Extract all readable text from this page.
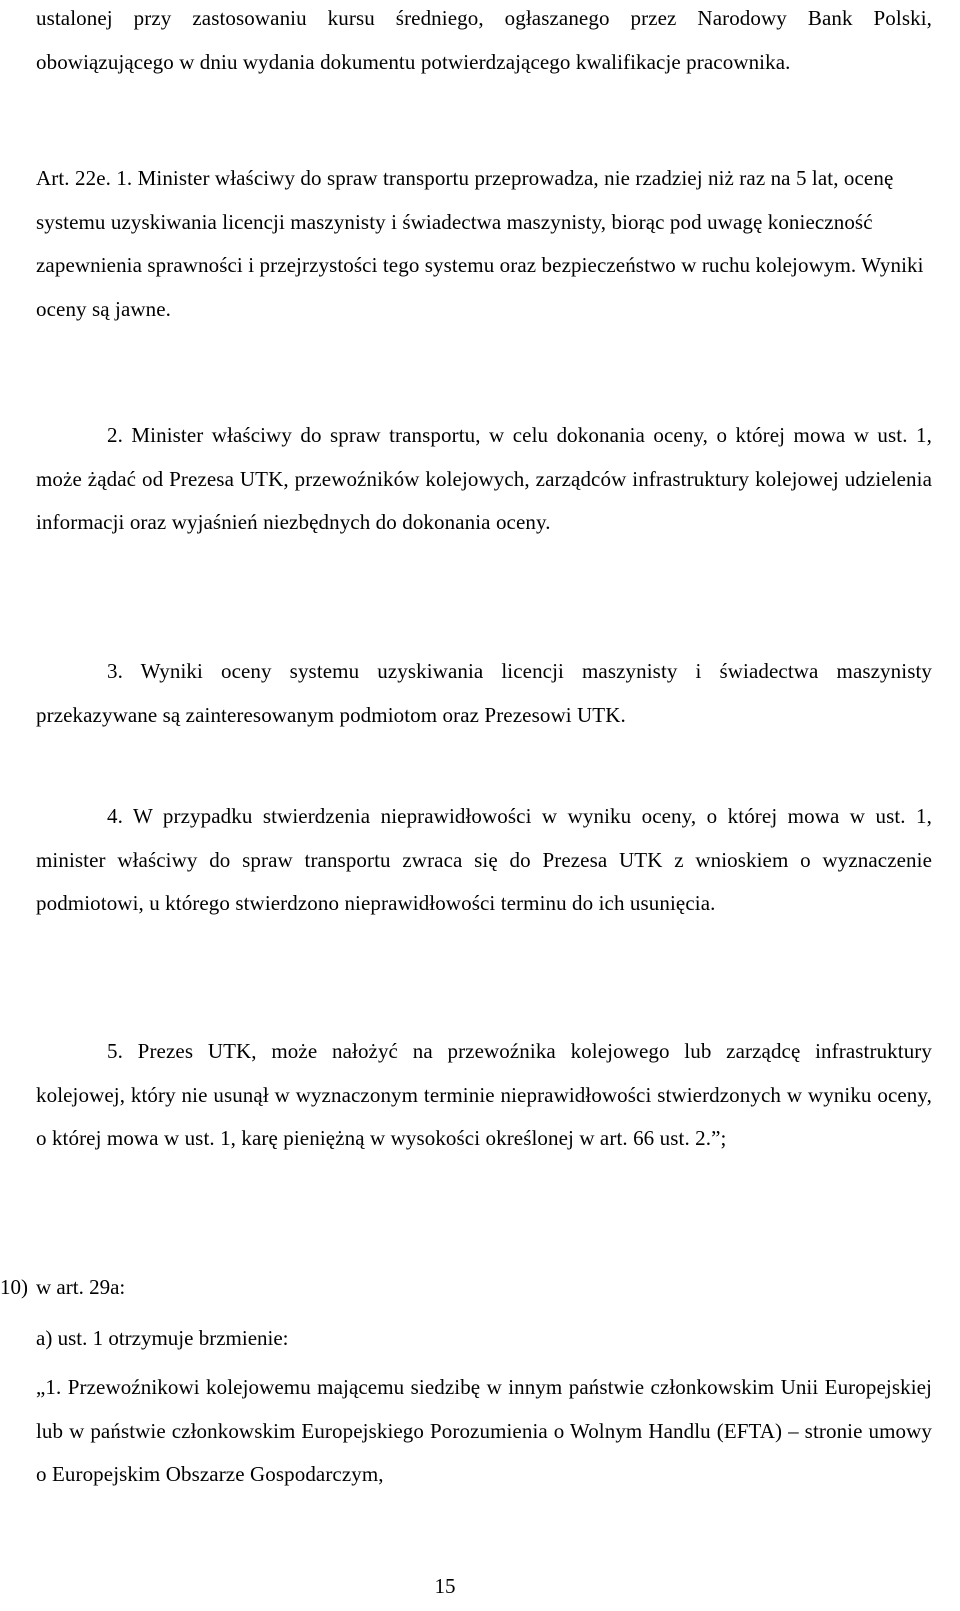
ustalonej przy zastosowaniu kursu średniego, ogłaszanego przez Narodowy Bank Polski, obowiązującego w dniu wydania dokumentu potwierdzającego kwalifikacje pracownika.

Art. 22e. 1. Minister właściwy do spraw transportu przeprowadza, nie rzadziej niż raz na 5 lat, ocenę systemu uzyskiwania licencji maszynisty i świadectwa maszynisty, biorąc pod uwagę konieczność zapewnienia sprawności i przejrzystości tego systemu oraz bezpieczeństwo w ruchu kolejowym. Wyniki oceny są jawne.

2. Minister właściwy do spraw transportu, w celu dokonania oceny, o której mowa w ust. 1, może żądać od Prezesa UTK, przewoźników kolejowych, zarządców infrastruktury kolejowej udzielenia informacji oraz wyjaśnień niezbędnych do dokonania oceny.

3. Wyniki oceny systemu uzyskiwania licencji maszynisty i świadectwa maszynisty przekazywane są zainteresowanym podmiotom oraz Prezesowi UTK.

4. W przypadku stwierdzenia nieprawidłowości w wyniku oceny, o której mowa w ust. 1, minister właściwy do spraw transportu zwraca się do Prezesa UTK z wnioskiem o wyznaczenie podmiotowi, u którego stwierdzono nieprawidłowości terminu do ich usunięcia.

5. Prezes UTK, może nałożyć na przewoźnika kolejowego lub zarządcę infrastruktury kolejowej, który nie usunął w wyznaczonym terminie nieprawidłowości stwierdzonych w wyniku oceny, o której mowa w ust. 1, karę pieniężną w wysokości określonej w art. 66 ust. 2.”;

10) w art. 29a:

a) ust. 1 otrzymuje brzmienie:

„1. Przewoźnikowi kolejowemu mającemu siedzibę w innym państwie członkowskim Unii Europejskiej lub w państwie członkowskim Europejskiego Porozumienia o Wolnym Handlu (EFTA) – stronie umowy o Europejskim Obszarze Gospodarczym,

15
